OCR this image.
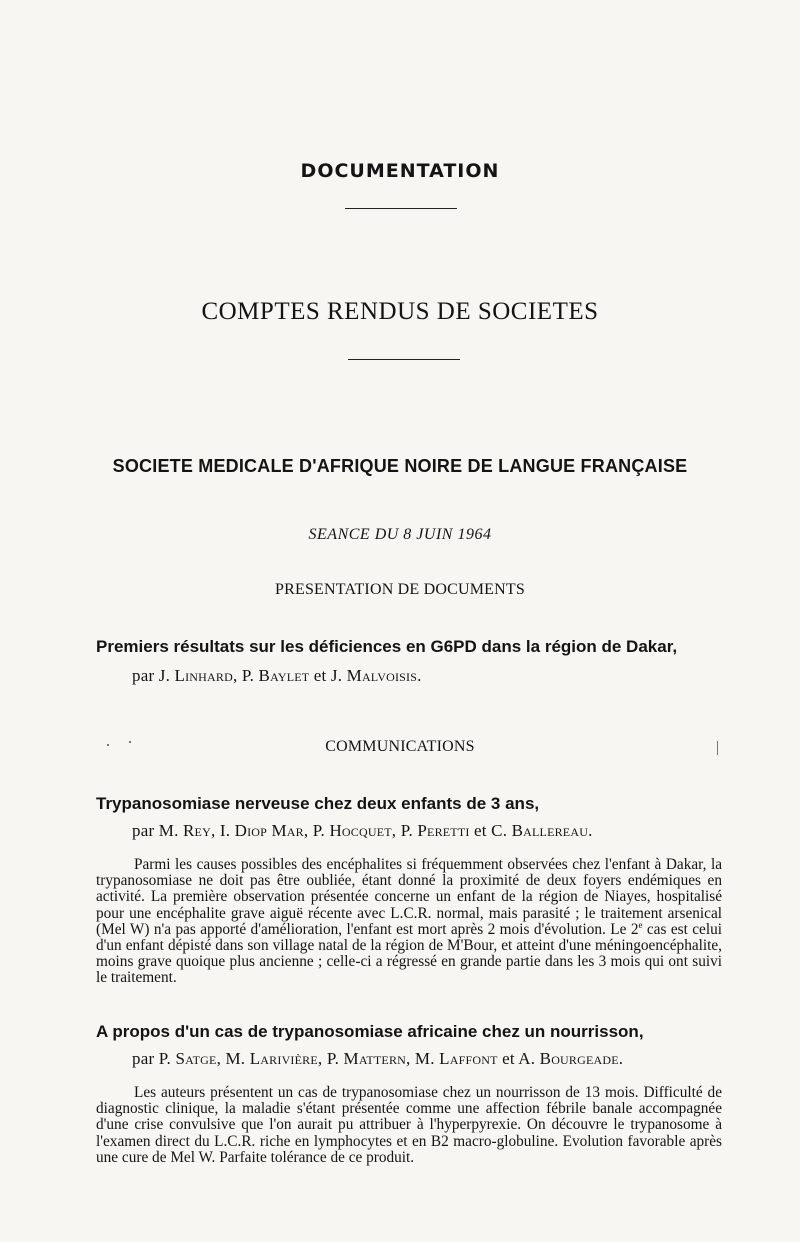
DOCUMENTATION
COMPTES RENDUS DE SOCIETES
SOCIETE MEDICALE D'AFRIQUE NOIRE DE LANGUE FRANÇAISE
SEANCE DU 8 JUIN 1964
PRESENTATION DE DOCUMENTS
Premiers résultats sur les déficiences en G6PD dans la région de Dakar,
par J. Linhard, P. Baylet et J. Malvoisis.
COMMUNICATIONS
Trypanosomiase nerveuse chez deux enfants de 3 ans,
par M. Rey, I. Diop Mar, P. Hocquet, P. Peretti et C. Ballereau.
Parmi les causes possibles des encéphalites si fréquemment observées chez l'enfant à Dakar, la trypanosomiase ne doit pas être oubliée, étant donné la proximité de deux foyers endémiques en activité. La première observation présentée concerne un enfant de la région de Niayes, hospitalisé pour une encéphalite grave aiguë récente avec L.C.R. normal, mais parasité ; le traitement arsenical (Mel W) n'a pas apporté d'amélioration, l'enfant est mort après 2 mois d'évolution. Le 2e cas est celui d'un enfant dépisté dans son village natal de la région de M'Bour, et atteint d'une méningoencéphalite, moins grave quoique plus ancienne ; celle-ci a régressé en grande partie dans les 3 mois qui ont suivi le traitement.
A propos d'un cas de trypanosomiase africaine chez un nourrisson,
par P. Satge, M. Larivière, P. Mattern, M. Laffont et A. Bourgeade.
Les auteurs présentent un cas de trypanosomiase chez un nourrisson de 13 mois. Difficulté de diagnostic clinique, la maladie s'étant présentée comme une affection fébrile banale accompagnée d'une crise convulsive que l'on aurait pu attribuer à l'hyperpyrexie. On découvre le trypanosome à l'examen direct du L.C.R. riche en lymphocytes et en B2 macro-globuline. Evolution favorable après une cure de Mel W. Parfaite tolérance de ce produit.
